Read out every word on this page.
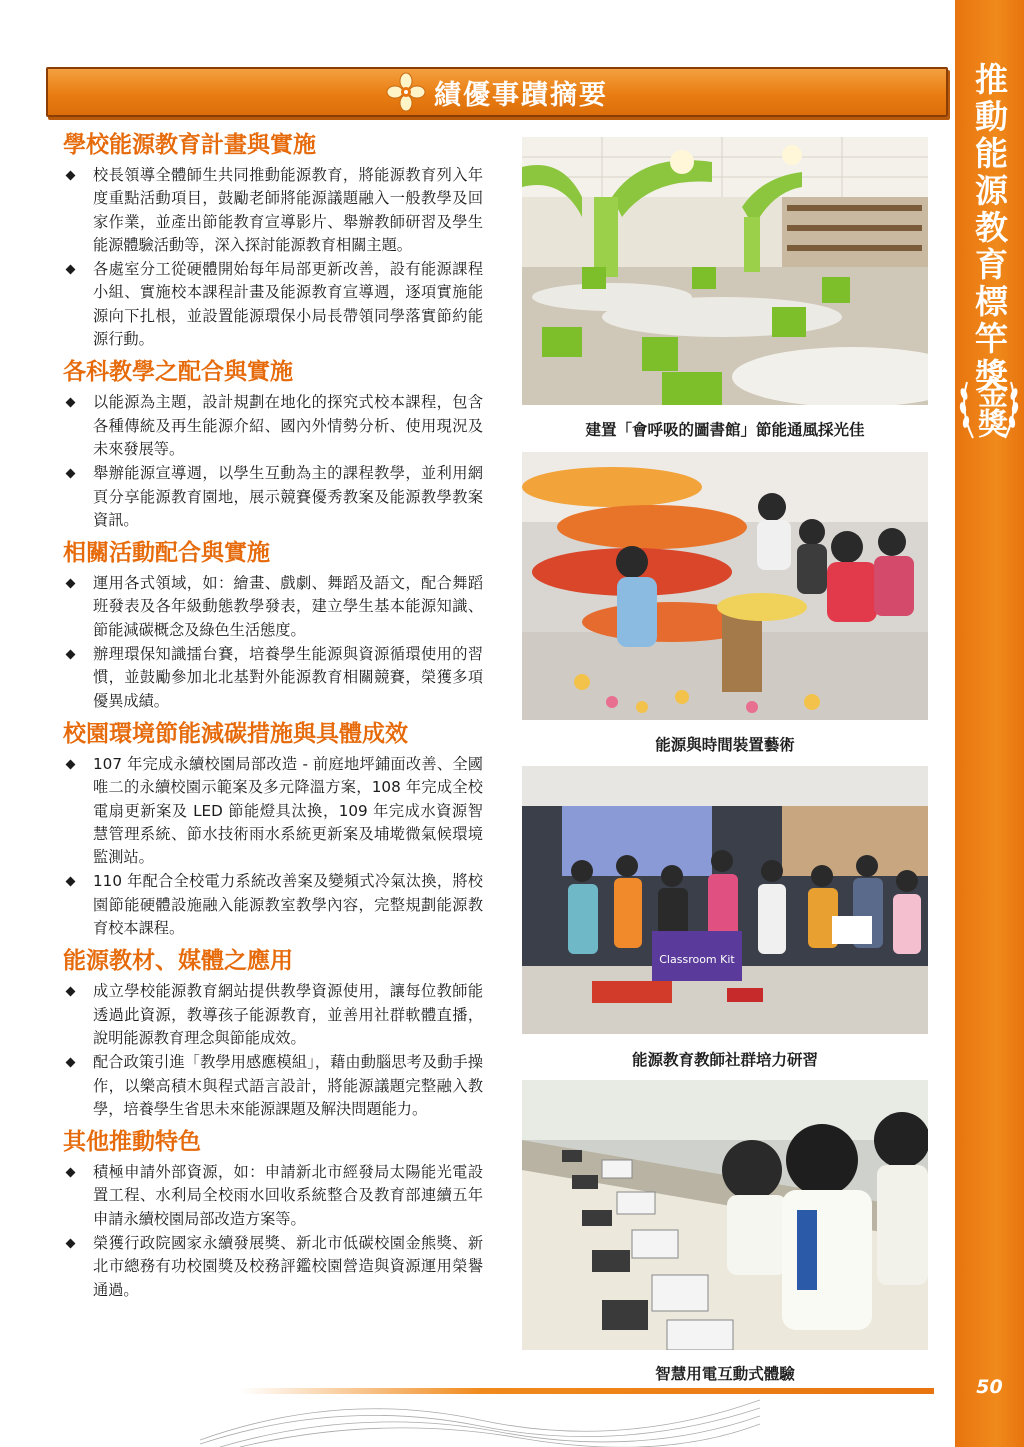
推動能源教育標竿獎
金獎
績優事蹟摘要
學校能源教育計畫與實施

校長領導全體師生共同推動能源教育，將能源教育列入年度重點活動項目，鼓勵老師將能源議題融入一般教學及回家作業，並產出節能教育宣導影片、舉辦教師研習及學生能源體驗活動等，深入探討能源教育相關主題。

各處室分工從硬體開始每年局部更新改善，設有能源課程小組、實施校本課程計畫及能源教育宣導週，逐項實施能源向下扎根，並設置能源環保小局長帶領同學落實節約能源行動。

各科教學之配合與實施

以能源為主題，設計規劃在地化的探究式校本課程，包含各種傳統及再生能源介紹、國內外情勢分析、使用現況及未來發展等。

舉辦能源宣導週，以學生互動為主的課程教學，並利用網頁分享能源教育園地，展示競賽優秀教案及能源教學教案資訊。

相關活動配合與實施

運用各式領域，如：繪畫、戲劇、舞蹈及語文，配合舞蹈班發表及各年級動態教學發表，建立學生基本能源知識、節能減碳概念及綠色生活態度。

辦理環保知識擂台賽，培養學生能源與資源循環使用的習慣，並鼓勵參加北北基對外能源教育相關競賽，榮獲多項優異成績。

校園環境節能減碳措施與具體成效

107 年完成永續校園局部改造 - 前庭地坪鋪面改善、全國唯二的永續校園示範案及多元降溫方案，108 年完成全校電扇更新案及 LED 節能燈具汰換，109 年完成水資源智慧管理系統、節水技術雨水系統更新案及埔墘微氣候環境監測站。

110 年配合全校電力系統改善案及變頻式冷氣汰換，將校園節能硬體設施融入能源教室教學內容，完整規劃能源教育校本課程。

能源教材、媒體之應用

成立學校能源教育網站提供教學資源使用，讓每位教師能透過此資源，教導孩子能源教育，並善用社群軟體直播，說明能源教育理念與節能成效。

配合政策引進「教學用感應模組」，藉由動腦思考及動手操作，以樂高積木與程式語言設計，將能源議題完整融入教學，培養學生省思未來能源課題及解決問題能力。

其他推動特色

積極申請外部資源，如：申請新北市經發局太陽能光電設置工程、水利局全校雨水回收系統整合及教育部連續五年申請永續校園局部改造方案等。

榮獲行政院國家永續發展獎、新北市低碳校園金熊獎、新北市總務有功校園獎及校務評鑑校園營造與資源運用榮譽通過。

建置「會呼吸的圖書館」節能通風採光佳
能源與時間裝置藝術
Classroom Kit
能源教育教師社群培力研習
智慧用電互動式體驗
50
